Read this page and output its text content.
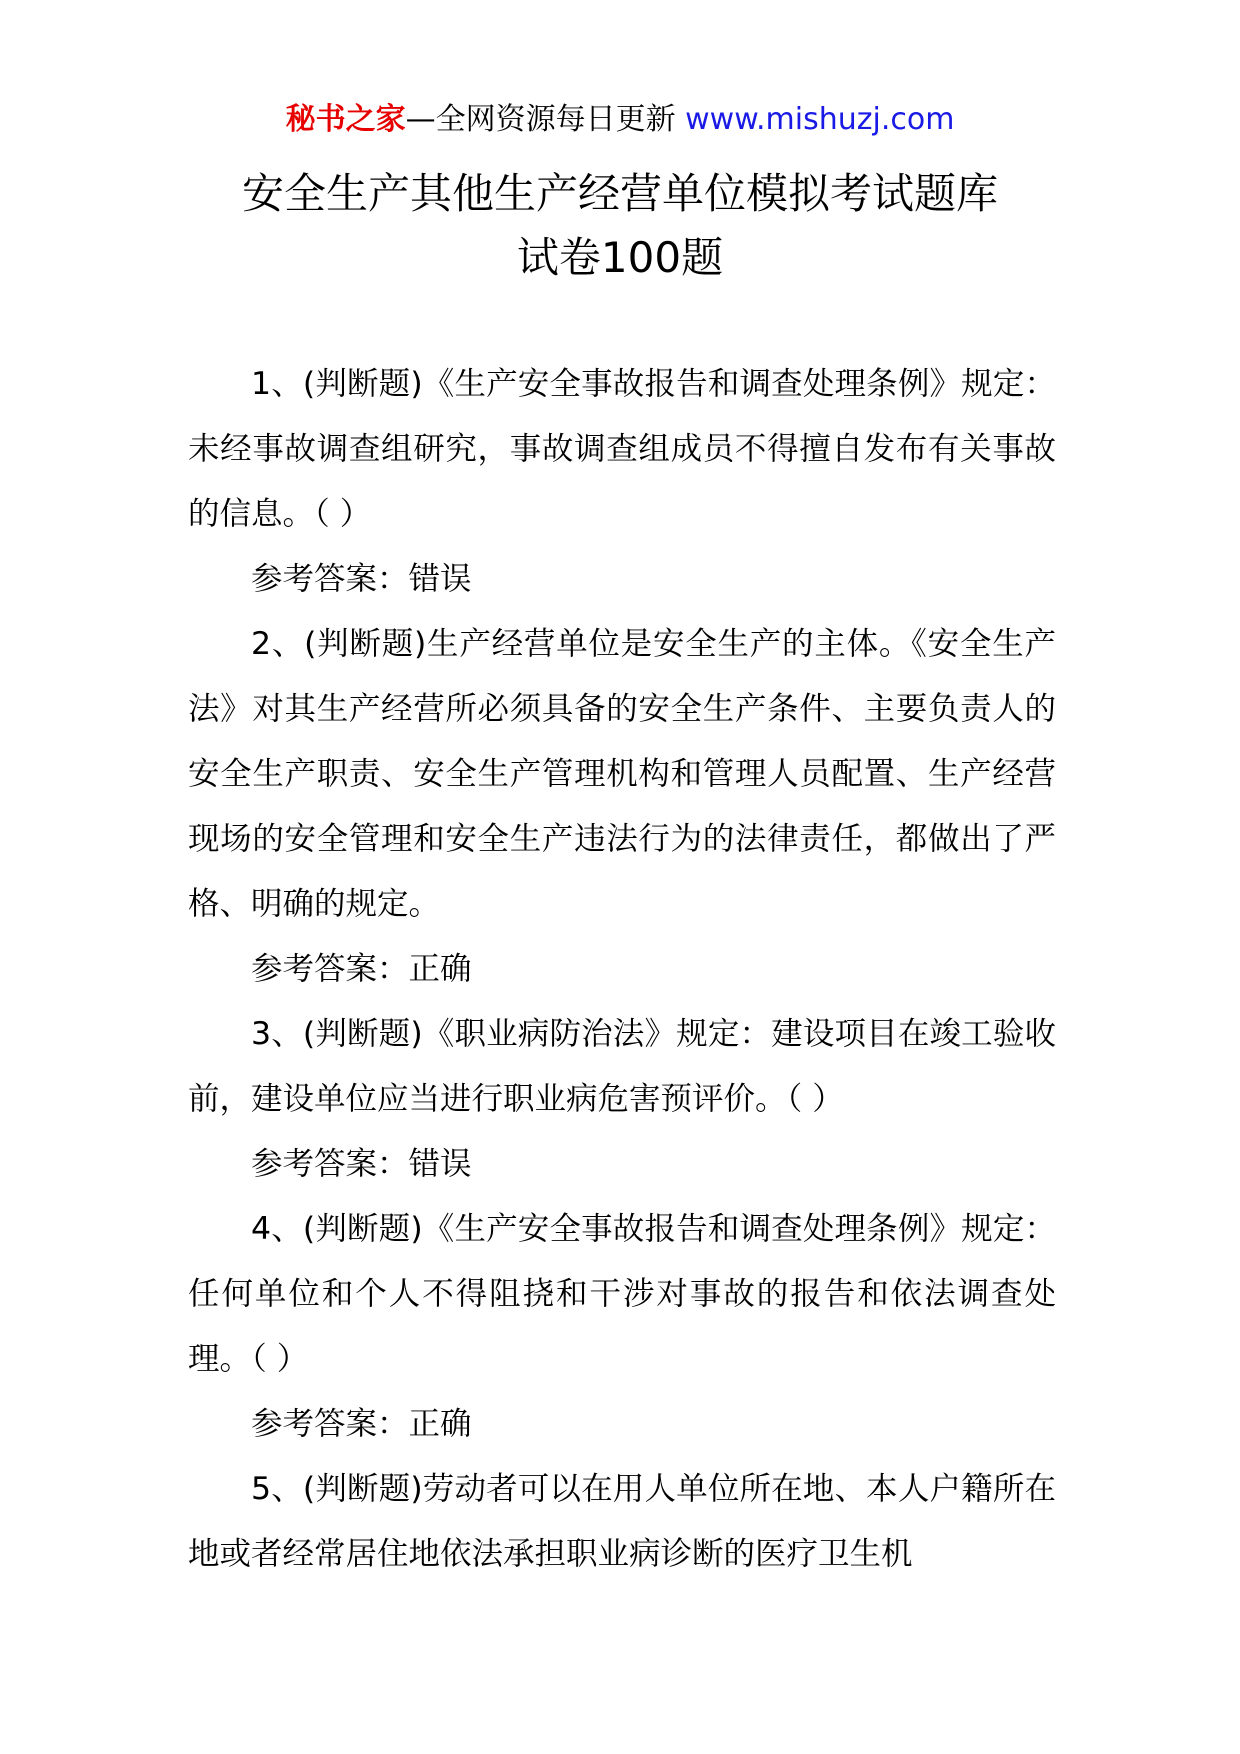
秘书之家—全网资源每日更新 www.mishuzj.com
安全生产其他生产经营单位模拟考试题库
试卷100题

1、(判断题)《生产安全事故报告和调查处理条例》规定：未经事故调查组研究，事故调查组成员不得擅自发布有关事故的信息。（ ）

参考答案：错误

2、(判断题)生产经营单位是安全生产的主体。《安全生产法》对其生产经营所必须具备的安全生产条件、主要负责人的安全生产职责、安全生产管理机构和管理人员配置、生产经营现场的安全管理和安全生产违法行为的法律责任，都做出了严格、明确的规定。

参考答案：正确

3、(判断题)《职业病防治法》规定：建设项目在竣工验收前，建设单位应当进行职业病危害预评价。（ ）

参考答案：错误

4、(判断题)《生产安全事故报告和调查处理条例》规定：任何单位和个人不得阻挠和干涉对事故的报告和依法调查处理。（ ）

参考答案：正确

5、(判断题)劳动者可以在用人单位所在地、本人户籍所在地或者经常居住地依法承担职业病诊断的医疗卫生机
